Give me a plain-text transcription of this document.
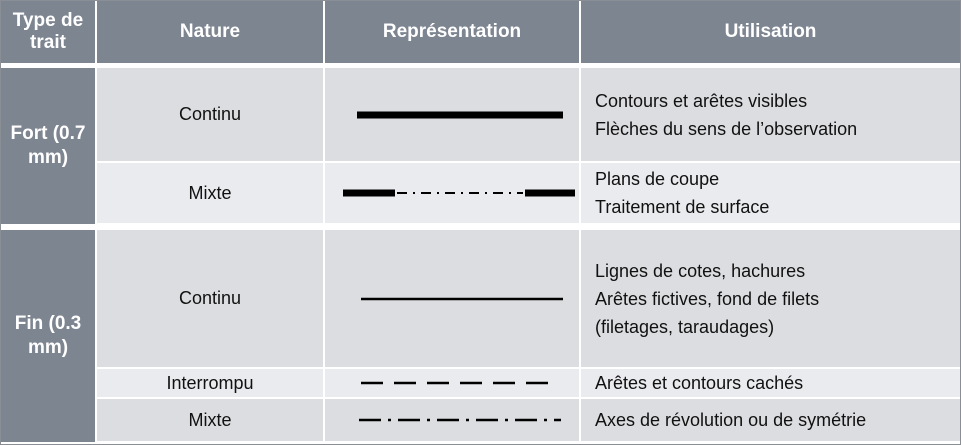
Type de trait	Nature	Représentation	Utilisation

Fort (0.7 mm)	Continu		Contours et arêtes visibles
Flèches du sens de l’observation

	Mixte		Plans de coupe
Traitement de surface

Fin (0.3 mm)	Continu		Lignes de cotes, hachures
Arêtes fictives, fond de filets
(filetages, taraudages)

	Interrompu		Arêtes et contours cachés

	Mixte		Axes de révolution ou de symétrie
